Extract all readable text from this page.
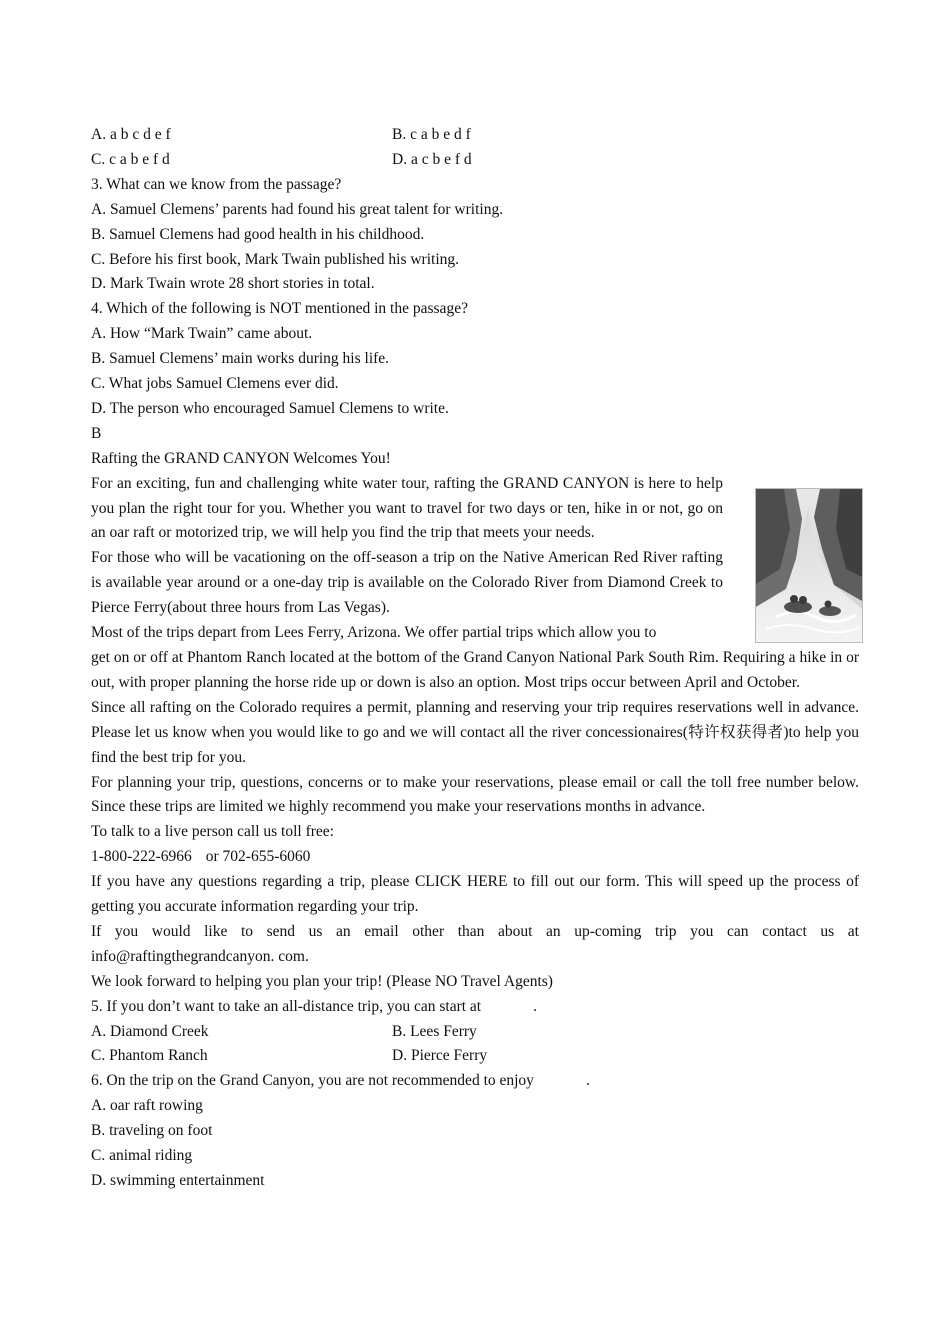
A. a b c d e f	B. c a b e d f
C. c a b e f d	D. a c b e f d
3. What can we know from the passage?
A. Samuel Clemens’ parents had found his great talent for writing.
B. Samuel Clemens had good health in his childhood.
C. Before his first book, Mark Twain published his writing.
D. Mark Twain wrote 28 short stories in total.
4. Which of the following is NOT mentioned in the passage?
A. How “Mark Twain” came about.
B. Samuel Clemens’ main works during his life.
C. What jobs Samuel Clemens ever did.
D. The person who encouraged Samuel Clemens to write.
B
Rafting the GRAND CANYON Welcomes You!
For an exciting, fun and challenging white water tour, rafting the GRAND CANYON is here to help you plan the right tour for you. Whether you want to travel for two days or ten, hike in or not, go on an oar raft or motorized trip, we will help you find the trip that meets your needs.
For those who will be vacationing on the off-season a trip on the Native American Red River rafting is available year around or a one-day trip is available on the Colorado River from Diamond Creek to Pierce Ferry(about three hours from Las Vegas).
Most of the trips depart from Lees Ferry, Arizona. We offer partial trips which allow you to
get on or off at Phantom Ranch located at the bottom of the Grand Canyon National Park South Rim. Requiring a hike in or out, with proper planning the horse ride up or down is also an option. Most trips occur between April and October.
Since all rafting on the Colorado requires a permit, planning and reserving your trip requires reservations well in advance. Please let us know when you would like to go and we will contact all the river concessionaires(特许权获得者)to help you find the best trip for you.
For planning your trip, questions, concerns or to make your reservations, please email or call the toll free number below. Since these trips are limited we highly recommend you make your reservations months in advance.
To talk to a live person call us toll free:
1-800-222-6966 or 702-655-6060
If you have any questions regarding a trip, please CLICK HERE to fill out our form. This will speed up the process of getting you accurate information regarding your trip.
If you would like to send us an email other than about an up-coming trip you can contact us at info@raftingthegrandcanyon. com.
We look forward to helping you plan your trip! (Please NO Travel Agents)
5. If you don’t want to take an all-distance trip, you can start at	.
A. Diamond Creek	B. Lees Ferry
C. Phantom Ranch	D. Pierce Ferry
6. On the trip on the Grand Canyon, you are not recommended to enjoy	.
A. oar raft rowing
B. traveling on foot
C. animal riding
D. swimming entertainment
